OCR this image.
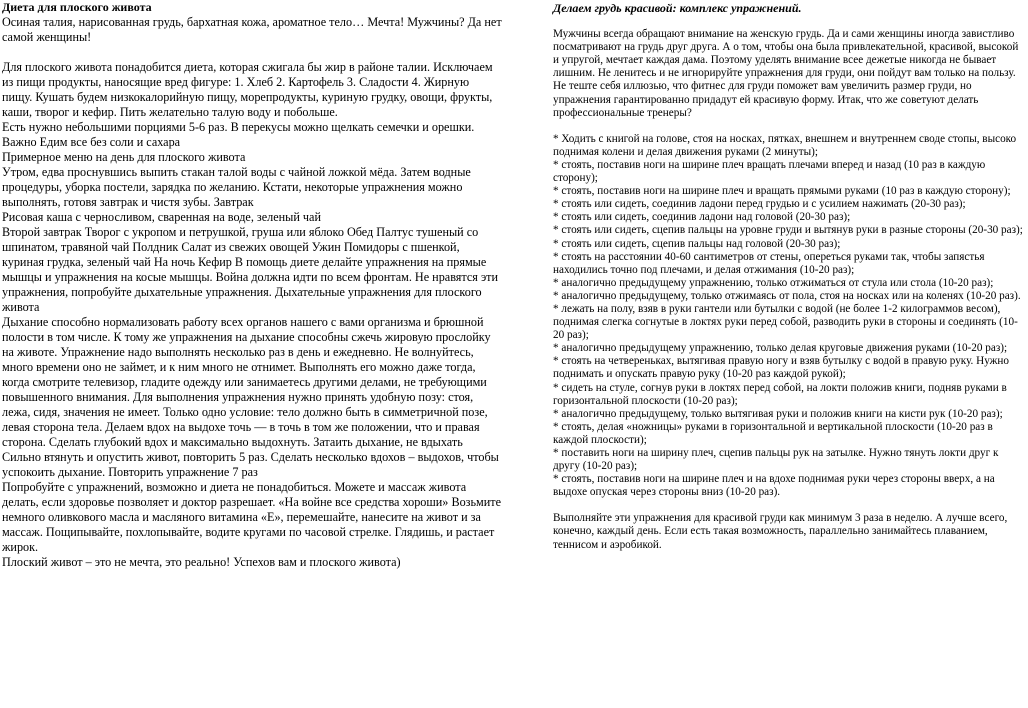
Диета для плоского живота

Осиная талия, нарисованная грудь, бархатная кожа, ароматное тело… Мечта! Мужчины? Да нет самой женщины!

Для плоского живота понадобится диета, которая сжигала бы жир в районе талии. Исключаем из пищи продукты, наносящие вред фигуре: 1. Хлеб 2. Картофель 3. Сладости 4. Жирную пищу. Кушать будем низкокалорийную пищу, морепродукты, куриную грудку, овощи, фрукты, каши, творог и кефир. Пить желательно талую воду и побольше.

Есть нужно небольшими порциями 5-6 раз. В перекусы можно щелкать семечки и орешки. Важно Едим все без соли и сахара

Примерное меню на день для плоского живота

Утром, едва проснувшись выпить стакан талой воды с чайной ложкой мёда. Затем водные процедуры, уборка постели, зарядка по желанию. Кстати, некоторые упражнения можно выполнять, готовя завтрак и чистя зубы. Завтрак

Рисовая каша с черносливом, сваренная на воде, зеленый чай

Второй завтрак Творог с укропом и петрушкой, груша или яблоко Обед Палтус тушеный со шпинатом, травяной чай Полдник Салат из свежих овощей Ужин Помидоры с пшенкой, куриная грудка, зеленый чай На ночь Кефир В помощь диете делайте упражнения на прямые мышцы и упражнения на косые мышцы. Война должна идти по всем фронтам. Не нравятся эти упражнения, попробуйте дыхательные упражнения. Дыхательные упражнения для плоского живота

Дыхание способно нормализовать работу всех органов нашего с вами организма и брюшной полости в том числе. К тому же упражнения на дыхание способны сжечь жировую прослойку на животе. Упражнение надо выполнять несколько раз в день и ежедневно. Не волнуйтесь, много времени оно не займет, и к ним много не отнимет. Выполнять его можно даже тогда, когда смотрите телевизор, гладите одежду или занимаетесь другими делами, не требующими повышенного внимания. Для выполнения упражнения нужно принять удобную позу: стоя, лежа, сидя, значения не имеет. Только одно условие: тело должно быть в симметричной позе, левая сторона тела. Делаем вдох на выдохе точь — в точь в том же положении, что и правая сторона. Сделать глубокий вдох и максимально выдохнуть. Затаить дыхание, не вдыхать Сильно втянуть и опустить живот, повторить 5 раз. Сделать несколько вдохов – выдохов, чтобы успокоить дыхание. Повторить упражнение 7 раз

Попробуйте с упражнений, возможно и диета не понадобиться. Можете и массаж живота делать, если здоровье позволяет и доктор разрешает. «На войне все средства хороши» Возьмите немного оливкового масла и масляного витамина «Е», перемешайте, нанесите на живот и за массаж. Пощипывайте, похлопывайте, водите кругами по часовой стрелке. Глядишь, и растает жирок.

Плоский живот – это не мечта, это реально! Успехов вам и плоского живота)

Делаем грудь красивой: комплекс упражнений.

Мужчины всегда обращают внимание на женскую грудь. Да и сами женщины иногда завистливо посматривают на грудь друг друга. А о том, чтобы она была привлекательной, красивой, высокой и упругой, мечтает каждая дама. Поэтому уделять внимание всее дежетые никогда не бывает лишним. Не ленитесь и не игнорируйте упражнения для груди, они пойдут вам только на пользу.

Не теште себя иллюзью, что фитнес для груди поможет вам увеличить размер груди, но упражнения гарантированно придадут ей красивую форму. Итак, что же советуют делать профессиональные тренеры?

* Ходить с книгой на голове, стоя на носках, пятках, внешнем и внутреннем своде стопы, высоко поднимая колени и делая движения руками (2 минуты);

* стоять, поставив ноги на ширине плеч вращать плечами вперед и назад (10 раз в каждую сторону);

* стоять, поставив ноги на ширине плеч и вращать прямыми руками (10 раз в каждую сторону);

* стоять или сидеть, соединив ладони перед грудью и с усилием нажимать (20-30 раз);

* стоять или сидеть, соединив ладони над головой (20-30 раз);

* стоять или сидеть, сцепив пальцы на уровне груди и вытянув руки в разные стороны (20-30 раз);

* стоять или сидеть, сцепив пальцы над головой (20-30 раз);

* стоять на расстоянии 40-60 сантиметров от стены, опереться руками так, чтобы запястья находились точно под плечами, и делая отжимания (10-20 раз);

* аналогично предыдущему упражнению, только отжиматься от стула или стола (10-20 раз);

* аналогично предыдущему, только отжимаясь от пола, стоя на носках или на коленях (10-20 раз).

* лежать на полу, взяв в руки гантели или бутылки с водой (не более 1-2 килограммов весом), поднимая слегка согнутые в локтях руки перед собой, разводить руки в стороны и соединять (10-20 раз);

* аналогично предыдущему упражнению, только делая круговые движения руками (10-20 раз);

* стоять на четвереньках, вытягивая правую ногу и взяв бутылку с водой в правую руку. Нужно поднимать и опускать правую руку (10-20 раз каждой рукой);

* сидеть на стуле, согнув руки в локтях перед собой, на локти положив книги, подняв руками в горизонтальной плоскости (10-20 раз);

* аналогично предыдущему, только вытягивая руки и положив книги на кисти рук (10-20 раз);

* стоять, делая «ножницы» руками в горизонтальной и вертикальной плоскости (10-20 раз в каждой плоскости);

* поставить ноги на ширину плеч, сцепив пальцы рук на затылке. Нужно тянуть локти друг к другу (10-20 раз);

* стоять, поставив ноги на ширине плеч и на вдохе поднимая руки через стороны вверх, а на выдохе опуская через стороны вниз (10-20 раз).

Выполняйте эти упражнения для красивой груди как минимум 3 раза в неделю. А лучше всего, конечно, каждый день. Если есть такая возможность, параллельно занимайтесь плаванием, теннисом и аэробикой.
